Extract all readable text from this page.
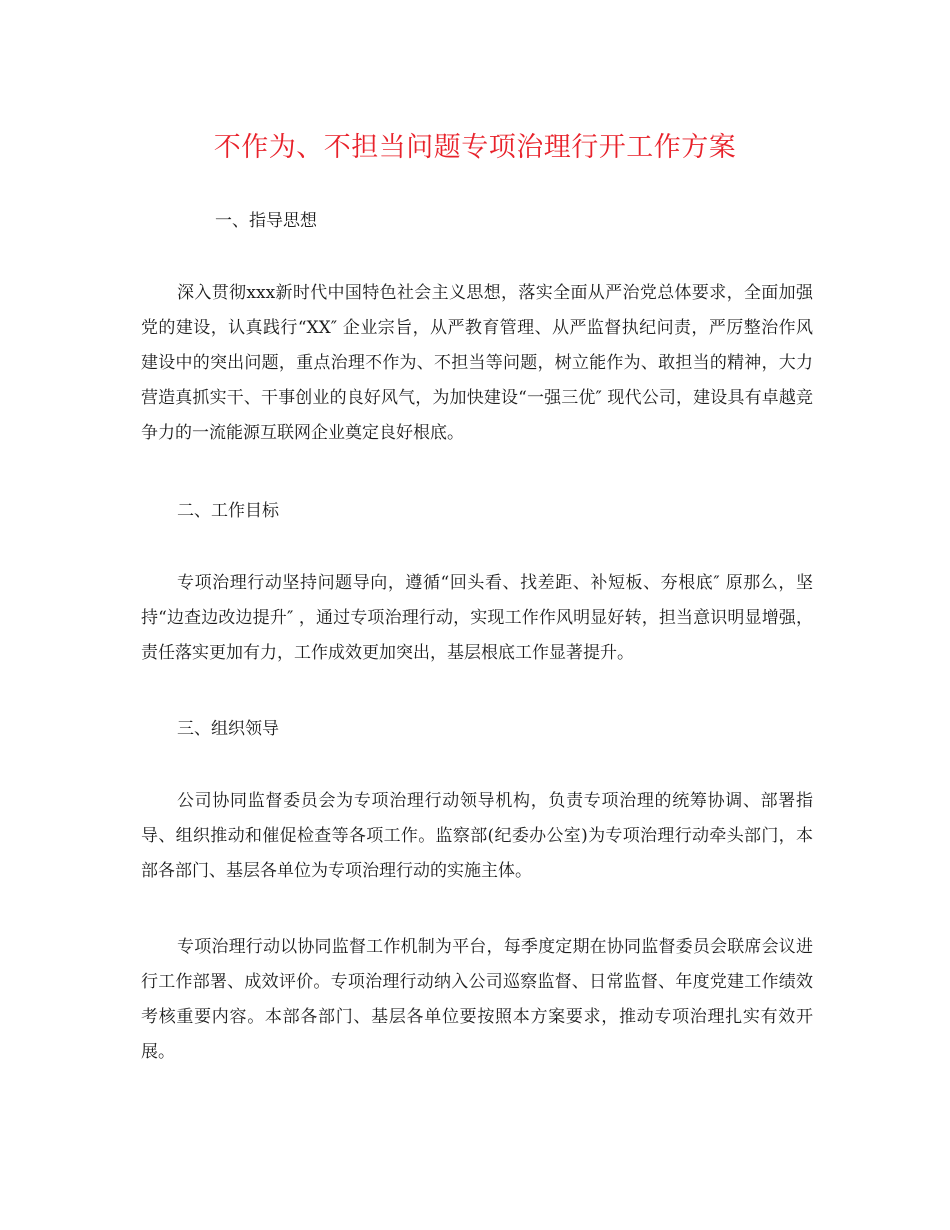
不作为、不担当问题专项治理行开工作方案
一、指导思想

深入贯彻xxx新时代中国特色社会主义思想，落实全面从严治党总体要求，全面加强党的建设，认真践行“XX″ 企业宗旨，从严教育管理、从严监督执纪问责，严厉整治作风建设中的突出问题，重点治理不作为、不担当等问题，树立能作为、敢担当的精神，大力营造真抓实干、干事创业的良好风气，为加快建设“一强三优″ 现代公司，建设具有卓越竞争力的一流能源互联网企业奠定良好根底。

二、工作目标

专项治理行动坚持问题导向，遵循“回头看、找差距、补短板、夯根底″ 原那么，坚持“边查边改边提升″ ，通过专项治理行动，实现工作作风明显好转，担当意识明显增强，责任落实更加有力，工作成效更加突出，基层根底工作显著提升。

三、组织领导

公司协同监督委员会为专项治理行动领导机构，负责专项治理的统筹协调、部署指导、组织推动和催促检查等各项工作。监察部(纪委办公室)为专项治理行动牵头部门，本部各部门、基层各单位为专项治理行动的实施主体。

专项治理行动以协同监督工作机制为平台，每季度定期在协同监督委员会联席会议进行工作部署、成效评价。专项治理行动纳入公司巡察监督、日常监督、年度党建工作绩效考核重要内容。本部各部门、基层各单位要按照本方案要求，推动专项治理扎实有效开展。
